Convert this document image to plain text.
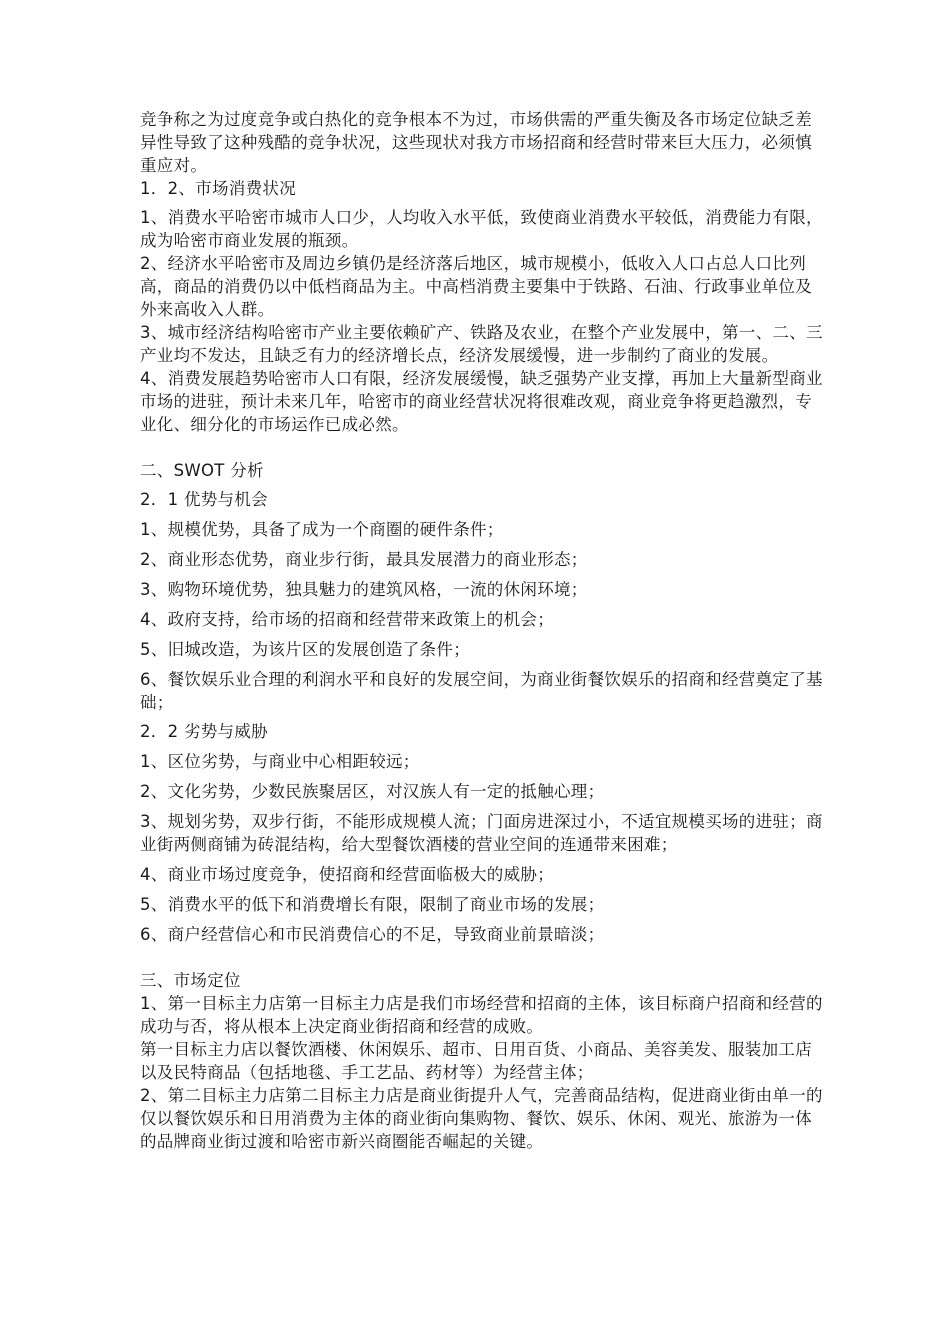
竞争称之为过度竞争或白热化的竞争根本不为过，市场供需的严重失衡及各市场定位缺乏差异性导致了这种残酷的竞争状况，这些现状对我方市场招商和经营时带来巨大压力，必须慎重应对。

1．2、市场消费状况

1、消费水平哈密市城市人口少，人均收入水平低，致使商业消费水平较低，消费能力有限，成为哈密市商业发展的瓶颈。

2、经济水平哈密市及周边乡镇仍是经济落后地区，城市规模小，低收入人口占总人口比列高，商品的消费仍以中低档商品为主。中高档消费主要集中于铁路、石油、行政事业单位及外来高收入人群。

3、城市经济结构哈密市产业主要依赖矿产、铁路及农业，在整个产业发展中，第一、二、三产业均不发达，且缺乏有力的经济增长点，经济发展缓慢，进一步制约了商业的发展。

4、消费发展趋势哈密市人口有限，经济发展缓慢，缺乏强势产业支撑，再加上大量新型商业市场的进驻，预计未来几年，哈密市的商业经营状况将很难改观，商业竞争将更趋激烈，专业化、细分化的市场运作已成必然。

二、SWOT 分析

2．1 优势与机会

1、规模优势，具备了成为一个商圈的硬件条件；

2、商业形态优势，商业步行街，最具发展潜力的商业形态；

3、购物环境优势，独具魅力的建筑风格，一流的休闲环境；

4、政府支持，给市场的招商和经营带来政策上的机会；

5、旧城改造，为该片区的发展创造了条件；

6、餐饮娱乐业合理的利润水平和良好的发展空间，为商业街餐饮娱乐的招商和经营奠定了基础；

2．2 劣势与威胁

1、区位劣势，与商业中心相距较远；

2、文化劣势，少数民族聚居区，对汉族人有一定的抵触心理；

3、规划劣势，双步行街，不能形成规模人流；门面房进深过小，不适宜规模买场的进驻；商业街两侧商铺为砖混结构，给大型餐饮酒楼的营业空间的连通带来困难；

4、商业市场过度竞争，使招商和经营面临极大的威胁；

5、消费水平的低下和消费增长有限，限制了商业市场的发展；

6、商户经营信心和市民消费信心的不足，导致商业前景暗淡；

三、市场定位

1、第一目标主力店第一目标主力店是我们市场经营和招商的主体，该目标商户招商和经营的成功与否，将从根本上决定商业街招商和经营的成败。

第一目标主力店以餐饮酒楼、休闲娱乐、超市、日用百货、小商品、美容美发、服装加工店以及民特商品（包括地毯、手工艺品、药材等）为经营主体；

2、第二目标主力店第二目标主力店是商业街提升人气，完善商品结构，促进商业街由单一的仅以餐饮娱乐和日用消费为主体的商业街向集购物、餐饮、娱乐、休闲、观光、旅游为一体的品牌商业街过渡和哈密市新兴商圈能否崛起的关键。
